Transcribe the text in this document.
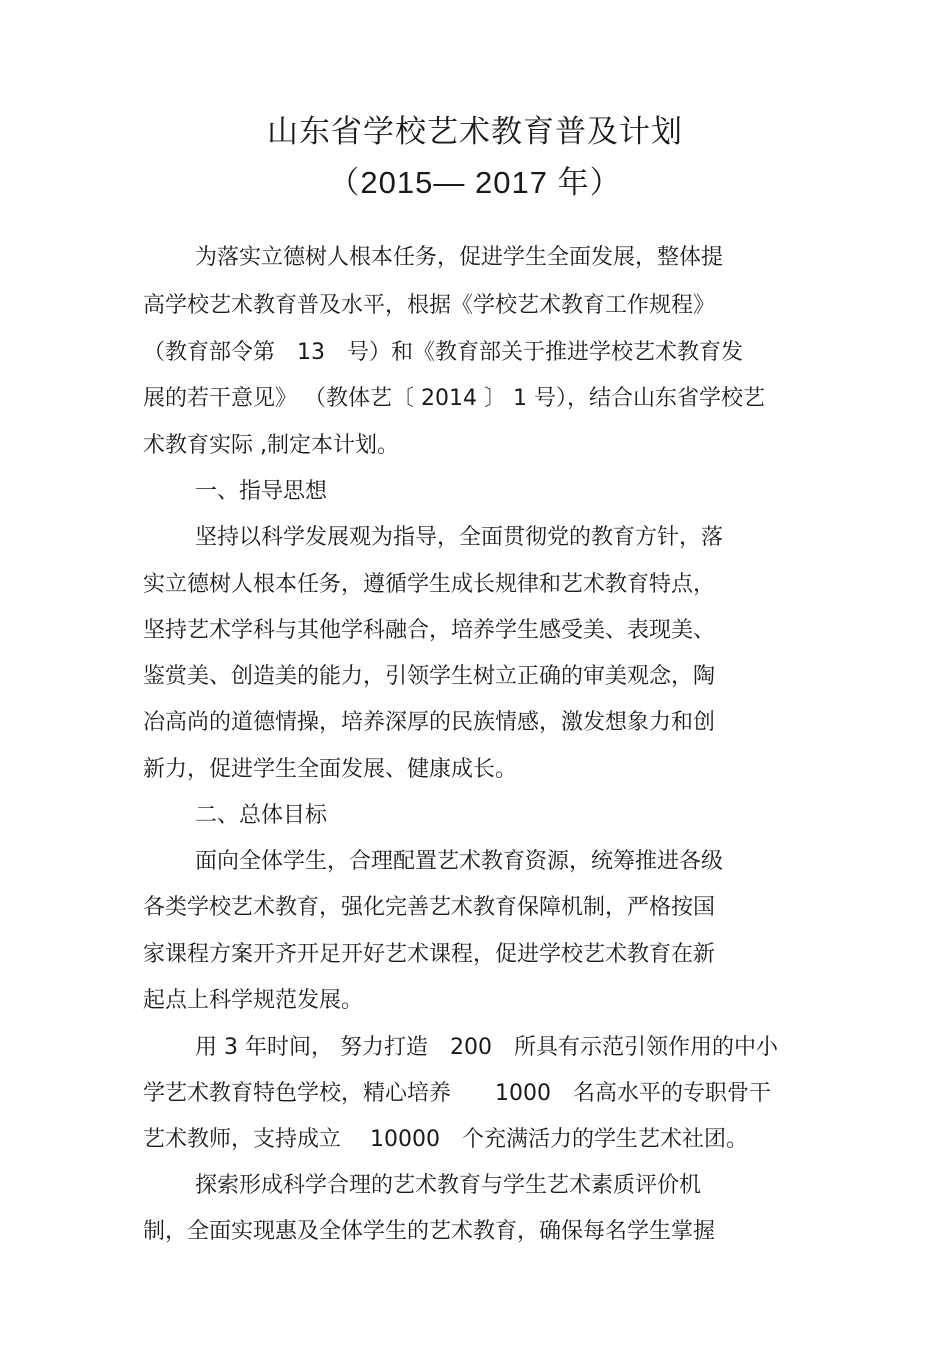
山东省学校艺术教育普及计划
（2015— 2017 年）
为落实立德树人根本任务，促进学生全面发展，整体提
高学校艺术教育普及水平，根据《学校艺术教育工作规程》
（教育部令第　13　号）和《教育部关于推进学校艺术教育发
展的若干意见》 （教体艺〔 2014 〕 1 号），结合山东省学校艺
术教育实际 ,制定本计划。
一、指导思想
坚持以科学发展观为指导，全面贯彻党的教育方针，落
实立德树人根本任务，遵循学生成长规律和艺术教育特点，
坚持艺术学科与其他学科融合，培养学生感受美、表现美、
鉴赏美、创造美的能力，引领学生树立正确的审美观念，陶
冶高尚的道德情操，培养深厚的民族情感，激发想象力和创
新力，促进学生全面发展、健康成长。
二、总体目标
面向全体学生，合理配置艺术教育资源，统筹推进各级
各类学校艺术教育，强化完善艺术教育保障机制，严格按国
家课程方案开齐开足开好艺术课程，促进学校艺术教育在新
起点上科学规范发展。
用 3 年时间， 努力打造　200　所具有示范引领作用的中小
学艺术教育特色学校，精心培养　　1000　名高水平的专职骨干
艺术教师，支持成立　 10000　个充满活力的学生艺术社团。
探索形成科学合理的艺术教育与学生艺术素质评价机
制，全面实现惠及全体学生的艺术教育，确保每名学生掌握
